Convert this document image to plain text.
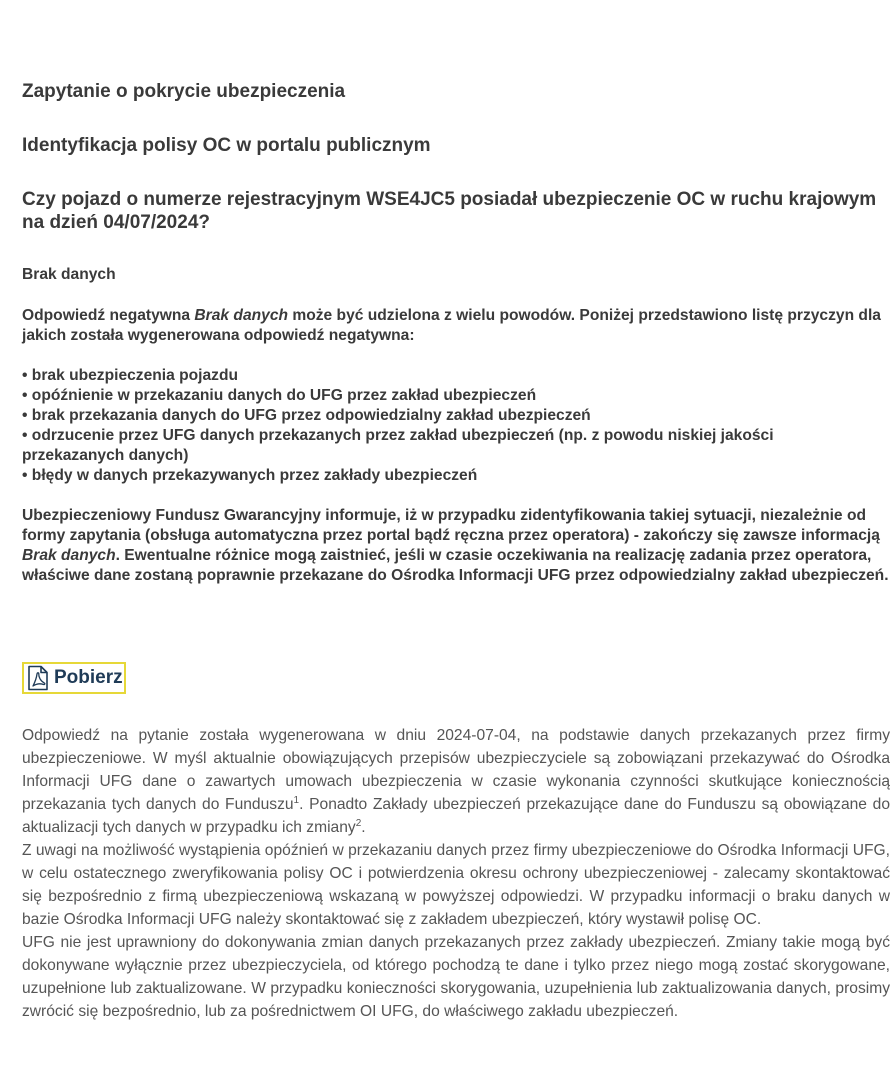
Zapytanie o pokrycie ubezpieczenia
Identyfikacja polisy OC w portalu publicznym
Czy pojazd o numerze rejestracyjnym WSE4JC5 posiadał ubezpieczenie OC w ruchu krajowym na dzień 04/07/2024?

Brak danych

Odpowiedź negatywna Brak danych może być udzielona z wielu powodów. Poniżej przedstawiono listę przyczyn dla jakich została wygenerowana odpowiedź negatywna:

• brak ubezpieczenia pojazdu
• opóźnienie w przekazaniu danych do UFG przez zakład ubezpieczeń
• brak przekazania danych do UFG przez odpowiedzialny zakład ubezpieczeń
• odrzucenie przez UFG danych przekazanych przez zakład ubezpieczeń (np. z powodu niskiej jakości przekazanych danych)
• błędy w danych przekazywanych przez zakłady ubezpieczeń

Ubezpieczeniowy Fundusz Gwarancyjny informuje, iż w przypadku zidentyfikowania takiej sytuacji, niezależnie od formy zapytania (obsługa automatyczna przez portal bądź ręczna przez operatora) - zakończy się zawsze informacją Brak danych. Ewentualne różnice mogą zaistnieć, jeśli w czasie oczekiwania na realizację zadania przez operatora, właściwe dane zostaną poprawnie przekazane do Ośrodka Informacji UFG przez odpowiedzialny zakład ubezpieczeń.

Pobierz

Odpowiedź na pytanie została wygenerowana w dniu 2024-07-04, na podstawie danych przekazanych przez firmy ubezpieczeniowe. W myśl aktualnie obowiązujących przepisów ubezpieczyciele są zobowiązani przekazywać do Ośrodka Informacji UFG dane o zawartych umowach ubezpieczenia w czasie wykonania czynności skutkujące koniecznością przekazania tych danych do Funduszu$^1$. Ponadto Zakłady ubezpieczeń przekazujące dane do Funduszu są obowiązane do aktualizacji tych danych w przypadku ich zmiany$^2$.

Z uwagi na możliwość wystąpienia opóźnień w przekazaniu danych przez firmy ubezpieczeniowe do Ośrodka Informacji UFG, w celu ostatecznego zweryfikowania polisy OC i potwierdzenia okresu ochrony ubezpieczeniowej - zalecamy skontaktować się bezpośrednio z firmą ubezpieczeniową wskazaną w powyższej odpowiedzi. W przypadku informacji o braku danych w bazie Ośrodka Informacji UFG należy skontaktować się z zakładem ubezpieczeń, który wystawił polisę OC.

UFG nie jest uprawniony do dokonywania zmian danych przekazanych przez zakłady ubezpieczeń. Zmiany takie mogą być dokonywane wyłącznie przez ubezpieczyciela, od którego pochodzą te dane i tylko przez niego mogą zostać skorygowane, uzupełnione lub zaktualizowane. W przypadku konieczności skorygowania, uzupełnienia lub zaktualizowania danych, prosimy zwrócić się bezpośrednio, lub za pośrednictwem OI UFG, do właściwego zakładu ubezpieczeń.
